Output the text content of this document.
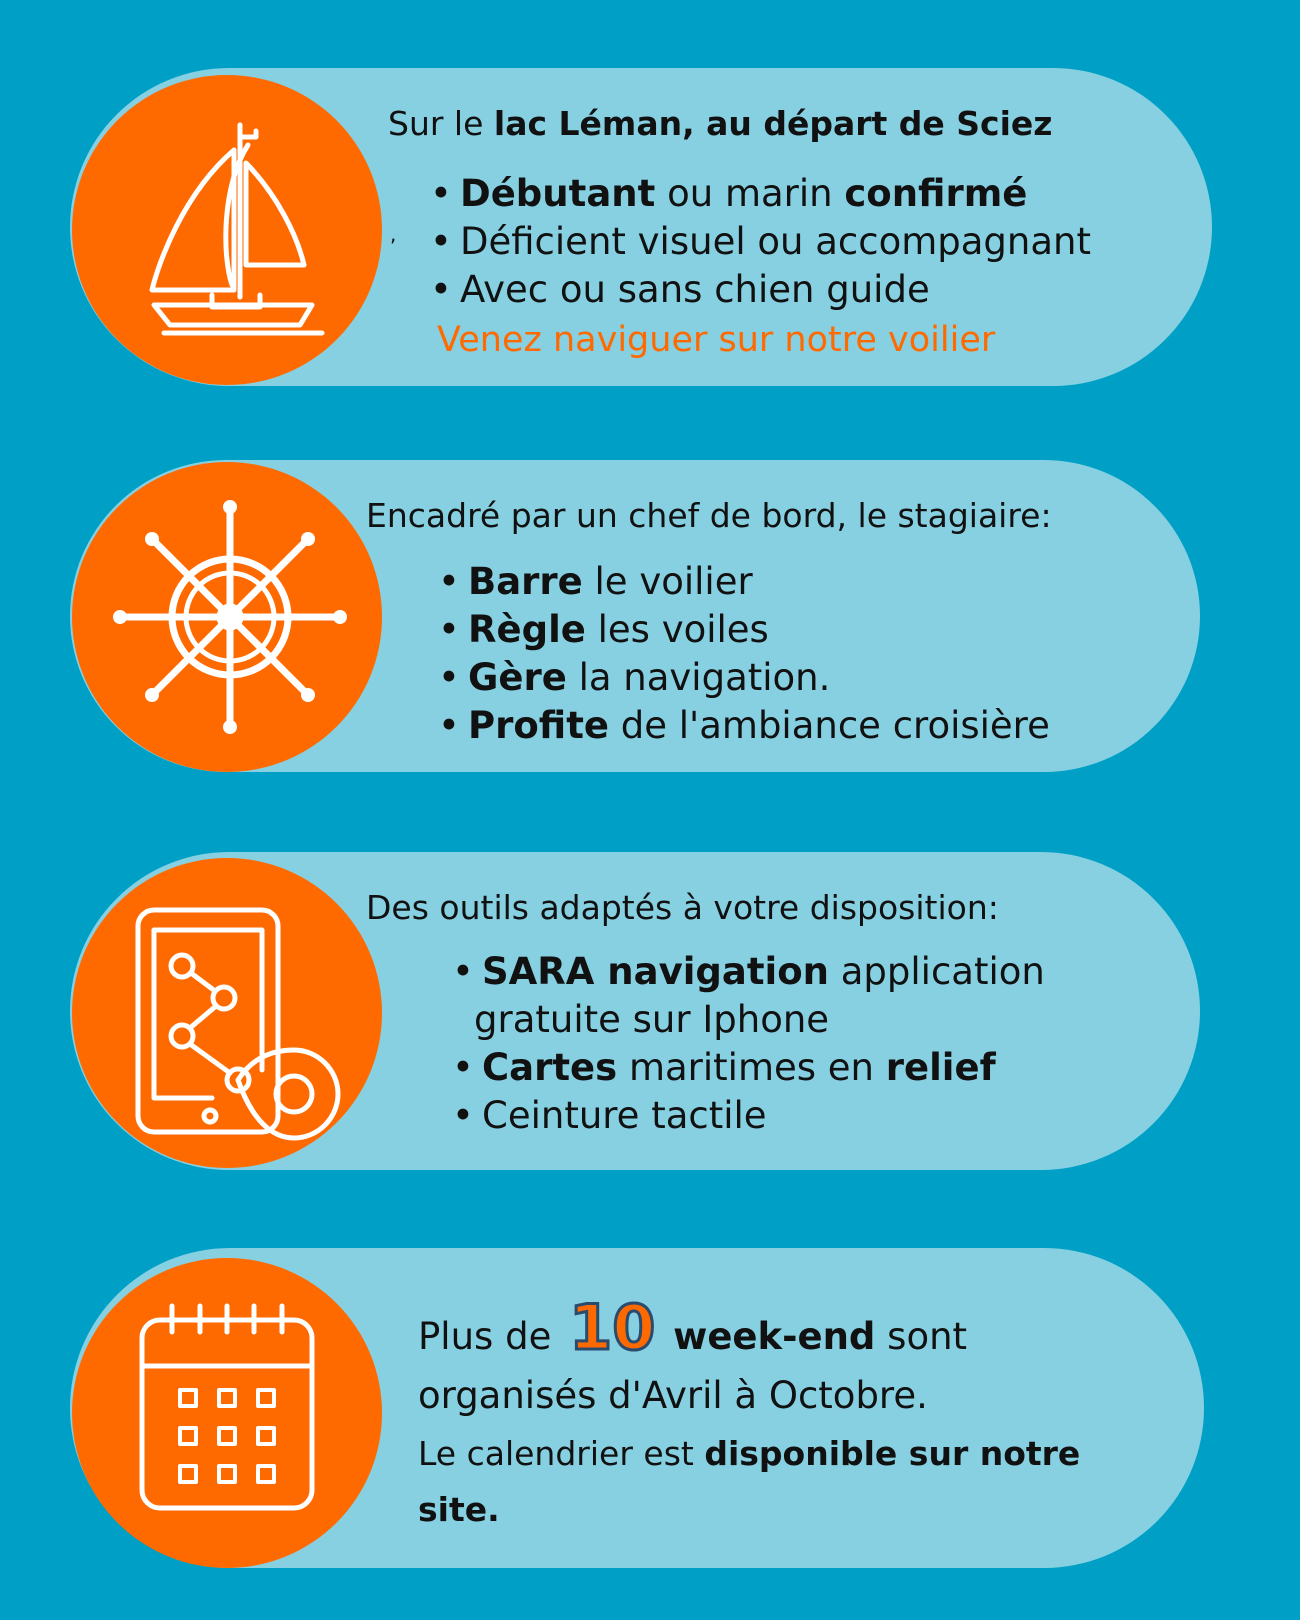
Sur le lac Léman, au départ de Sciez
,
• Débutant ou marin confirmé
• Déficient visuel ou accompagnant
• Avec ou sans chien guide
Venez naviguer sur notre voilier
Encadré par un chef de bord, le stagiaire:
• Barre le voilier
• Règle les voiles
• Gère la navigation.
• Profite de l'ambiance croisière
Des outils adaptés à votre disposition:
• SARA navigation application
gratuite sur Iphone
• Cartes maritimes en relief
• Ceinture tactile
Plus de 10 week-end sont
organisés d'Avril à Octobre.
Le calendrier est disponible sur notre
site.
